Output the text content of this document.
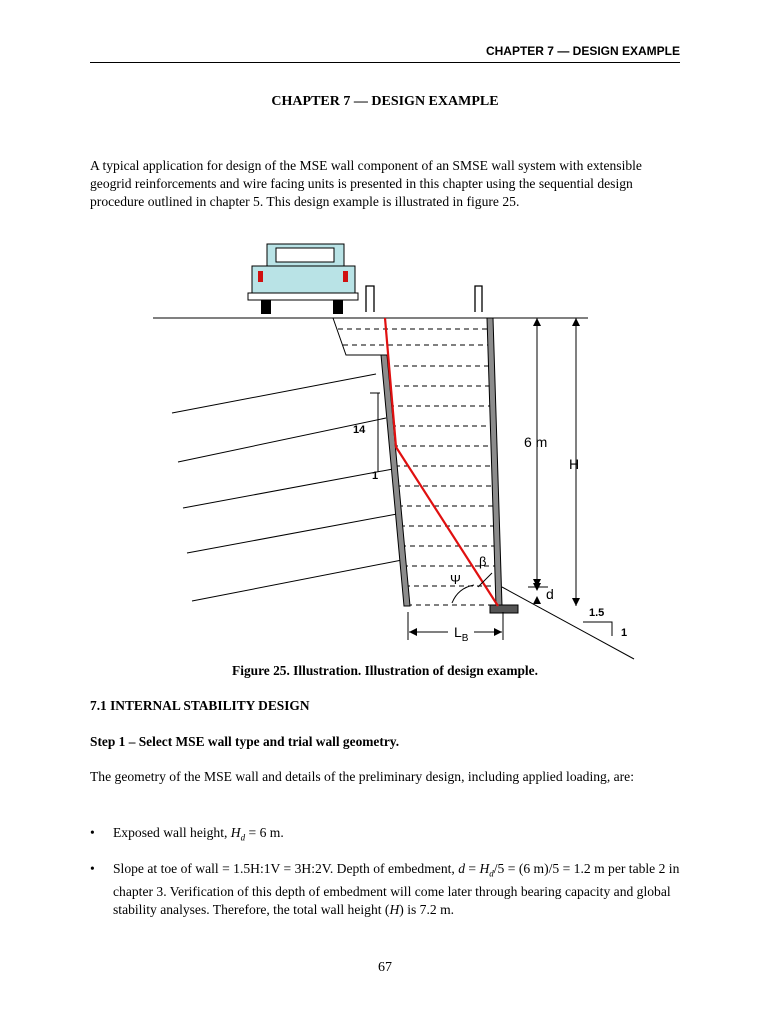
CHAPTER 7 — DESIGN EXAMPLE
CHAPTER 7 — DESIGN EXAMPLE
A typical application for design of the MSE wall component of an SMSE wall system with extensible geogrid reinforcements and wire facing units is presented in this chapter using the sequential design procedure outlined in chapter 5. This design example is illustrated in figure 25.
14
1
6 m
H
1.5
1
d
Ψ
β
$L_B$
Figure 25. Illustration. Illustration of design example.
7.1 INTERNAL STABILITY DESIGN
Step 1 – Select MSE wall type and trial wall geometry.
The geometry of the MSE wall and details of the preliminary design, including applied loading, are:
• Exposed wall height, $H_d = 6$ m.
• Slope at toe of wall = 1.5H:1V = 3H:2V. Depth of embedment, $d = H_d/5 = (6$ m)/5 = 1.2 m per table 2 in chapter 3. Verification of this depth of embedment will come later through bearing capacity and global stability analyses. Therefore, the total wall height (H) is 7.2 m.
67
